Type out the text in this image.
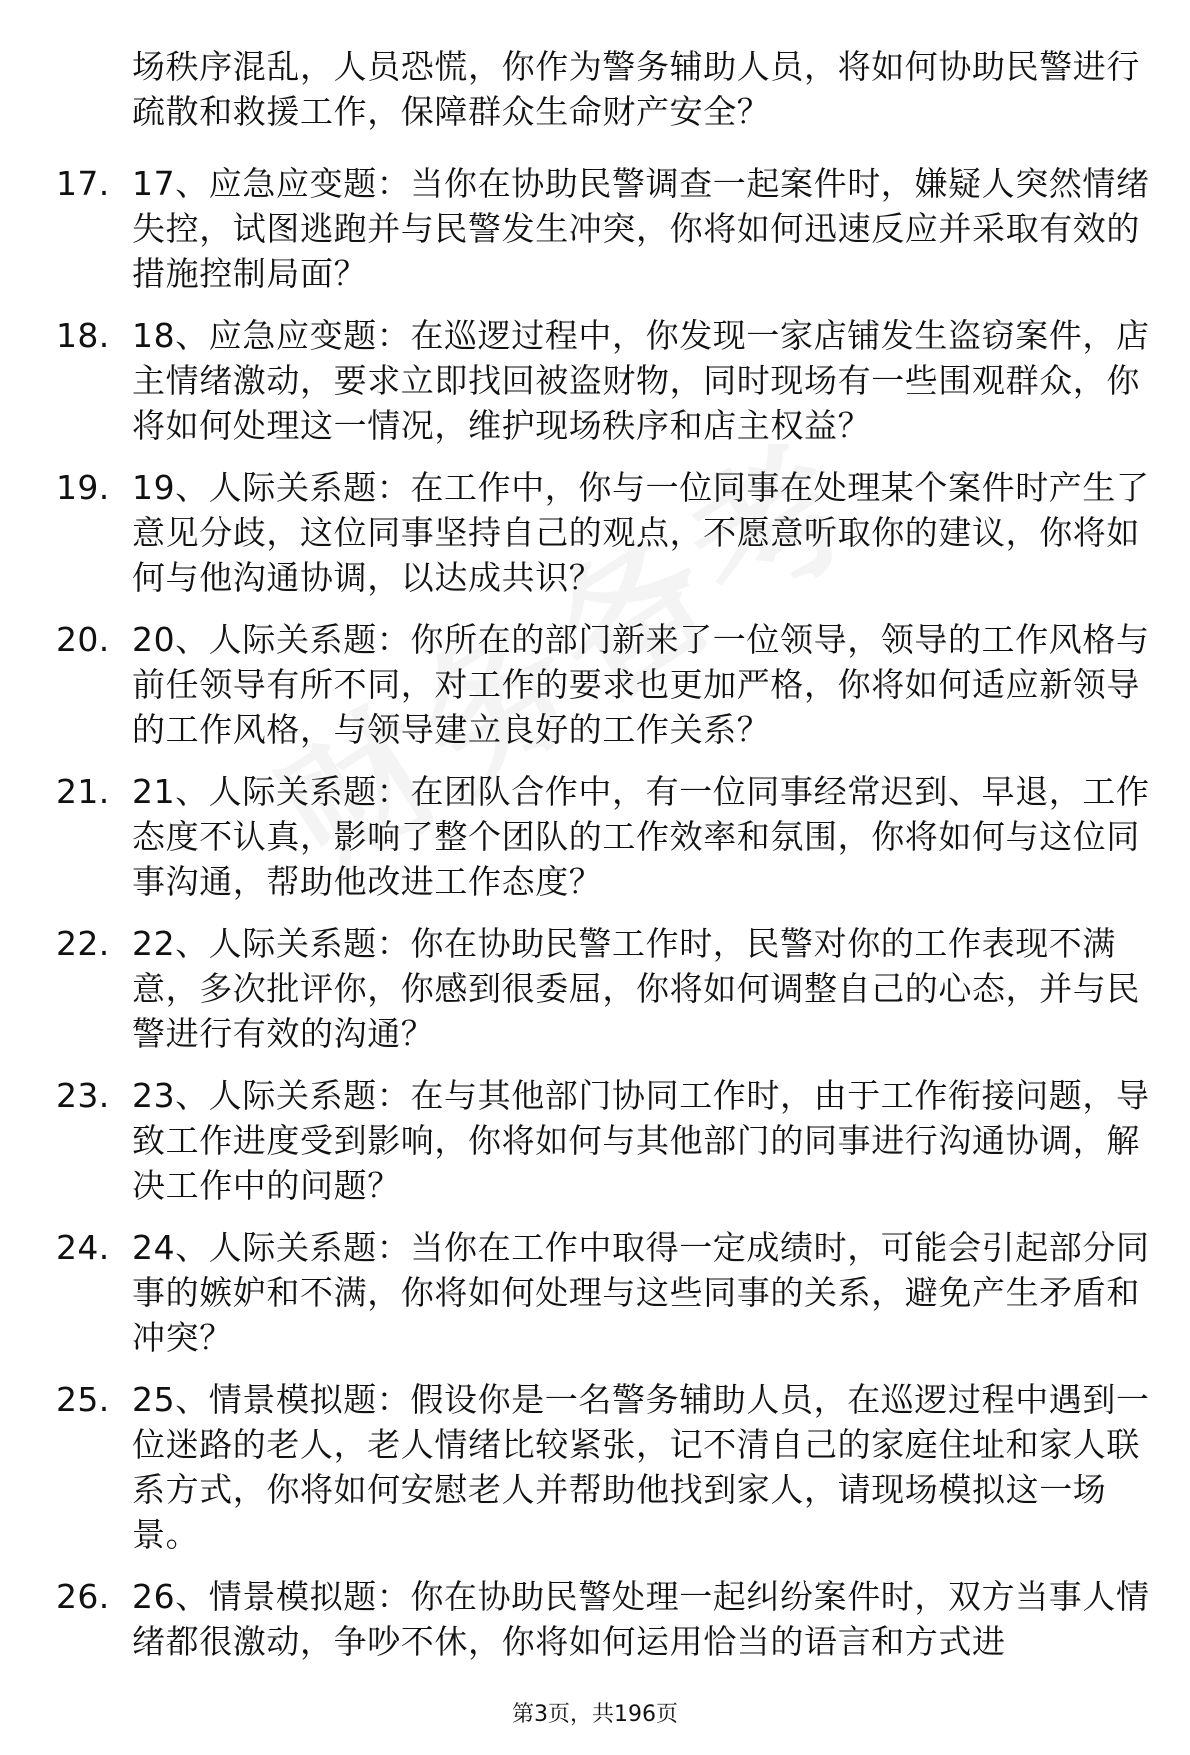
场秩序混乱，人员恐慌，你作为警务辅助人员，将如何协助民警进行疏散和救援工作，保障群众生命财产安全？
17. 17、应急应变题：当你在协助民警调查一起案件时，嫌疑人突然情绪失控，试图逃跑并与民警发生冲突，你将如何迅速反应并采取有效的措施控制局面？
18. 18、应急应变题：在巡逻过程中，你发现一家店铺发生盗窃案件，店主情绪激动，要求立即找回被盗财物，同时现场有一些围观群众，你将如何处理这一情况，维护现场秩序和店主权益？
19. 19、人际关系题：在工作中，你与一位同事在处理某个案件时产生了意见分歧，这位同事坚持自己的观点，不愿意听取你的建议，你将如何与他沟通协调，以达成共识？
20. 20、人际关系题：你所在的部门新来了一位领导，领导的工作风格与前任领导有所不同，对工作的要求也更加严格，你将如何适应新领导的工作风格，与领导建立良好的工作关系？
21. 21、人际关系题：在团队合作中，有一位同事经常迟到、早退，工作态度不认真，影响了整个团队的工作效率和氛围，你将如何与这位同事沟通，帮助他改进工作态度？
22. 22、人际关系题：你在协助民警工作时，民警对你的工作表现不满意，多次批评你，你感到很委屈，你将如何调整自己的心态，并与民警进行有效的沟通？
23. 23、人际关系题：在与其他部门协同工作时，由于工作衔接问题，导致工作进度受到影响，你将如何与其他部门的同事进行沟通协调，解决工作中的问题？
24. 24、人际关系题：当你在工作中取得一定成绩时，可能会引起部分同事的嫉妒和不满，你将如何处理与这些同事的关系，避免产生矛盾和冲突？
25. 25、情景模拟题：假设你是一名警务辅助人员，在巡逻过程中遇到一位迷路的老人，老人情绪比较紧张，记不清自己的家庭住址和家人联系方式，你将如何安慰老人并帮助他找到家人，请现场模拟这一场景。
26. 26、情景模拟题：你在协助民警处理一起纠纷案件时，双方当事人情绪都很激动，争吵不休，你将如何运用恰当的语言和方式进
第3页，共196页
